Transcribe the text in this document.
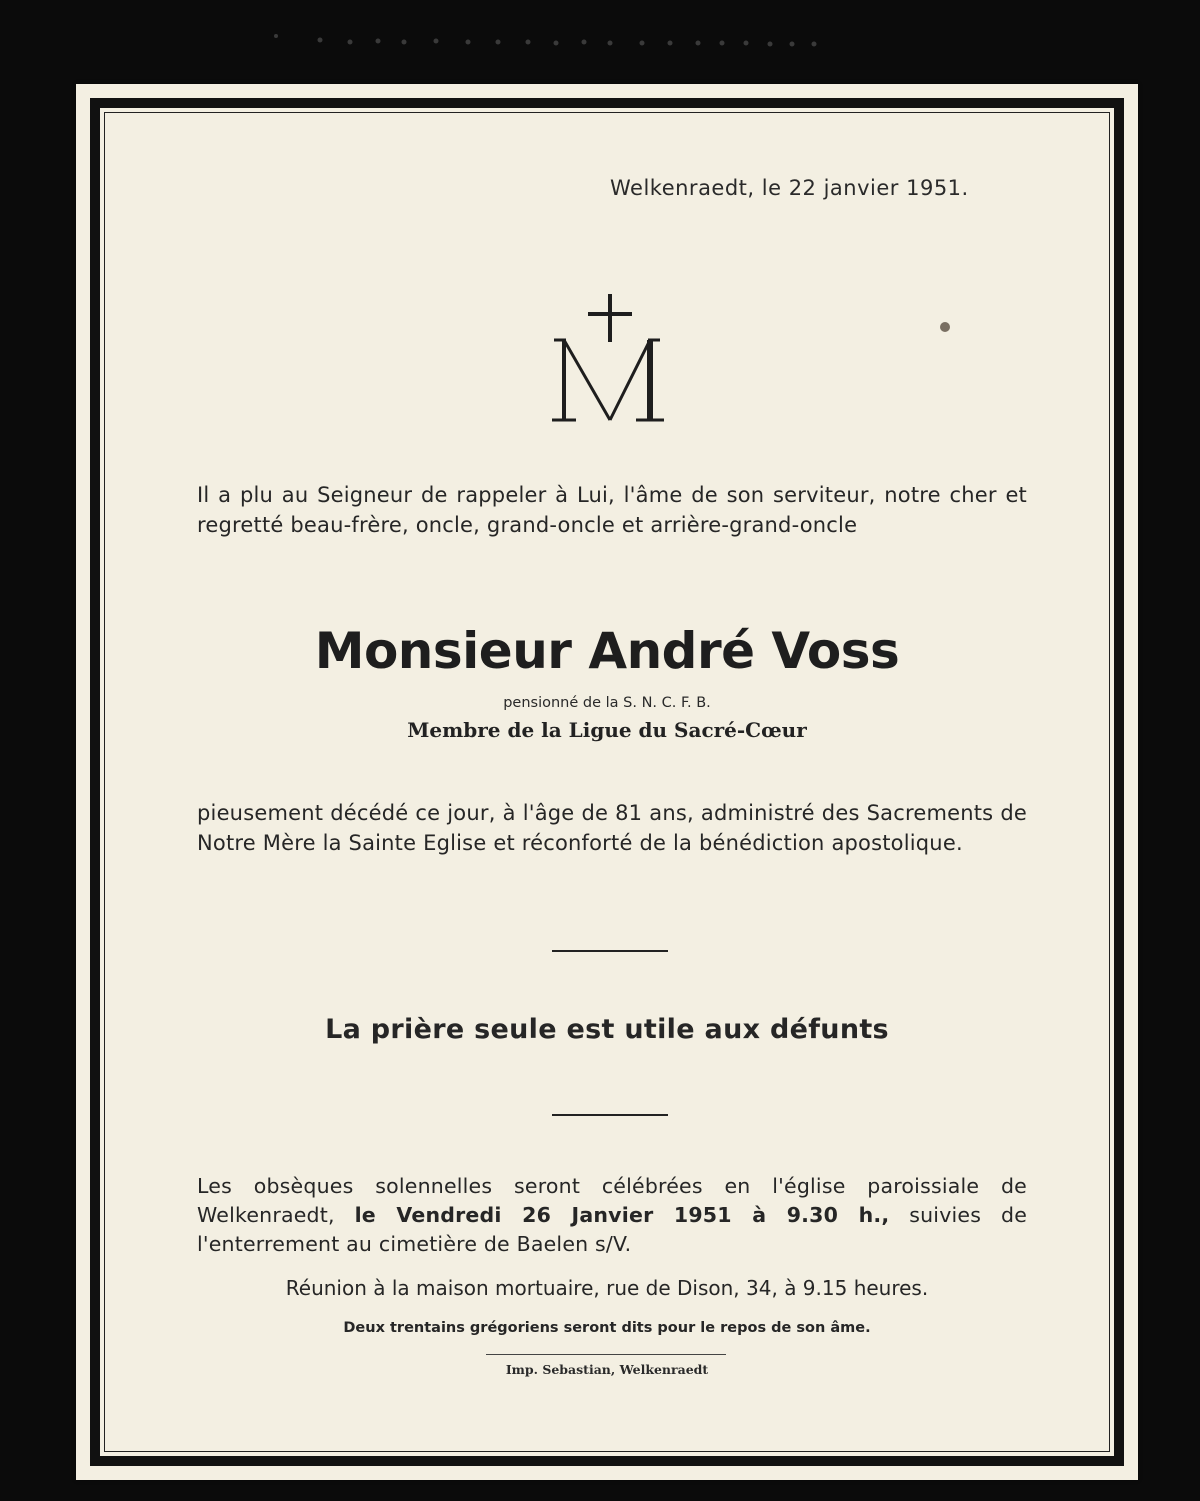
Welkenraedt, le 22 janvier 1951.
Il a plu au Seigneur de rappeler à Lui, l'âme de son serviteur, notre cher et regretté beau-frère, oncle, grand-oncle et arrière-grand-oncle
Monsieur André Voss
pensionné de la S. N. C. F. B.
Membre de la Ligue du Sacré-Cœur
pieusement décédé ce jour, à l'âge de 81 ans, administré des Sacrements de Notre Mère la Sainte Eglise et réconforté de la bénédiction apostolique.
La prière seule est utile aux défunts
Les obsèques solennelles seront célébrées en l'église paroissiale de Welkenraedt, le Vendredi 26 Janvier 1951 à 9.30 h., suivies de l'enterrement au cimetière de Baelen s/V.
Réunion à la maison mortuaire, rue de Dison, 34, à 9.15 heures.
Deux trentains grégoriens seront dits pour le repos de son âme.
Imp. Sebastian, Welkenraedt
